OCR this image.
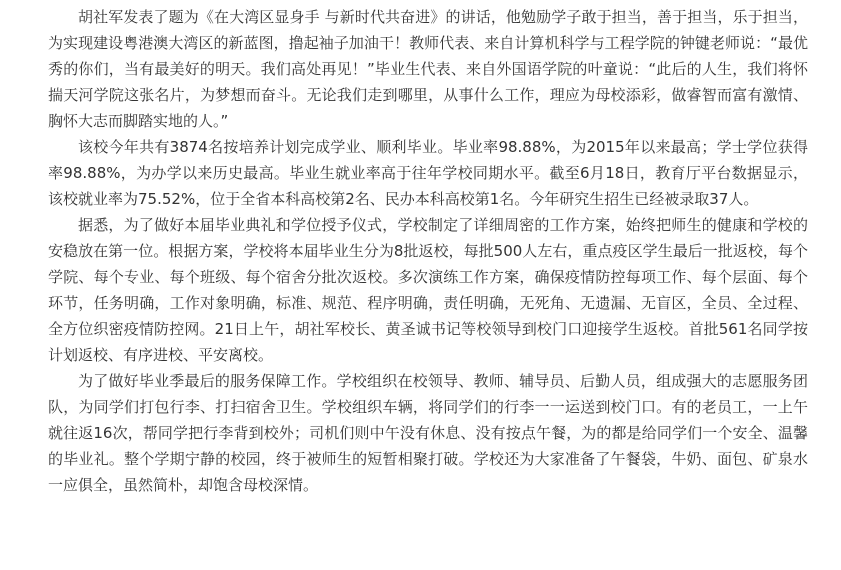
胡社军发表了题为《在大湾区显身手 与新时代共奋进》的讲话，他勉励学子敢于担当，善于担当，乐于担当，为实现建设粤港澳大湾区的新蓝图，撸起袖子加油干！教师代表、来自计算机科学与工程学院的钟键老师说：“最优秀的你们，当有最美好的明天。我们高处再见！”毕业生代表、来自外国语学院的叶童说：“此后的人生，我们将怀揣天河学院这张名片，为梦想而奋斗。无论我们走到哪里，从事什么工作，理应为母校添彩，做睿智而富有激情、胸怀大志而脚踏实地的人。”

该校今年共有3874名按培养计划完成学业、顺利毕业。毕业率98.88%，为2015年以来最高；学士学位获得率98.88%，为办学以来历史最高。毕业生就业率高于往年学校同期水平。截至6月18日，教育厅平台数据显示，该校就业率为75.52%，位于全省本科高校第2名、民办本科高校第1名。今年研究生招生已经被录取37人。

据悉，为了做好本届毕业典礼和学位授予仪式，学校制定了详细周密的工作方案，始终把师生的健康和学校的安稳放在第一位。根据方案，学校将本届毕业生分为8批返校，每批500人左右，重点疫区学生最后一批返校，每个学院、每个专业、每个班级、每个宿舍分批次返校。多次演练工作方案，确保疫情防控每项工作、每个层面、每个环节，任务明确，工作对象明确，标准、规范、程序明确，责任明确，无死角、无遗漏、无盲区，全员、全过程、全方位织密疫情防控网。21日上午，胡社军校长、黄圣诚书记等校领导到校门口迎接学生返校。首批561名同学按计划返校、有序进校、平安离校。

为了做好毕业季最后的服务保障工作。学校组织在校领导、教师、辅导员、后勤人员，组成强大的志愿服务团队，为同学们打包行李、打扫宿舍卫生。学校组织车辆，将同学们的行李一一运送到校门口。有的老员工，一上午就往返16次，帮同学把行李背到校外；司机们则中午没有休息、没有按点午餐，为的都是给同学们一个安全、温馨的毕业礼。整个学期宁静的校园，终于被师生的短暂相聚打破。学校还为大家准备了午餐袋，牛奶、面包、矿泉水一应俱全，虽然简朴，却饱含母校深情。
